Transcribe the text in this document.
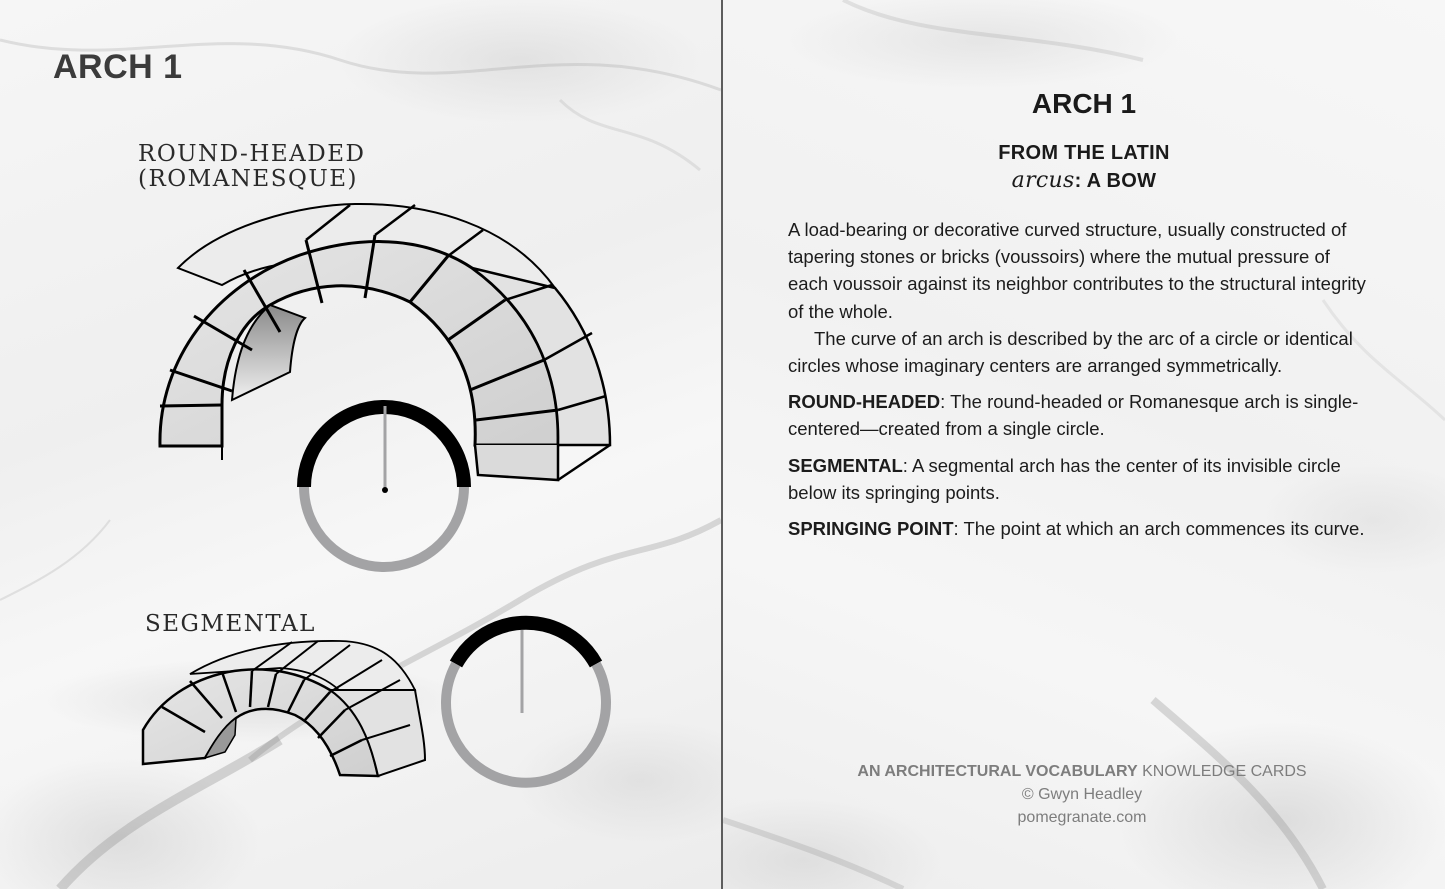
ARCH 1
ROUND-HEADED
(ROMANESQUE)
SEGMENTAL
ARCH 1
FROM THE LATIN
arcus: A BOW

A load-bearing or decorative curved structure, usually constructed of tapering stones or bricks (voussoirs) where the mutual pressure of each voussoir against its neighbor contributes to the structural integrity of the whole.

The curve of an arch is described by the arc of a circle or identical circles whose imaginary centers are arranged symmetrically.

ROUND-HEADED: The round-headed or Romanesque arch is single-centered—created from a single circle.

SEGMENTAL: A segmental arch has the center of its invisible circle below its springing points.

SPRINGING POINT: The point at which an arch commences its curve.

AN ARCHITECTURAL VOCABULARY KNOWLEDGE CARDS
© Gwyn Headley
pomegranate.com
